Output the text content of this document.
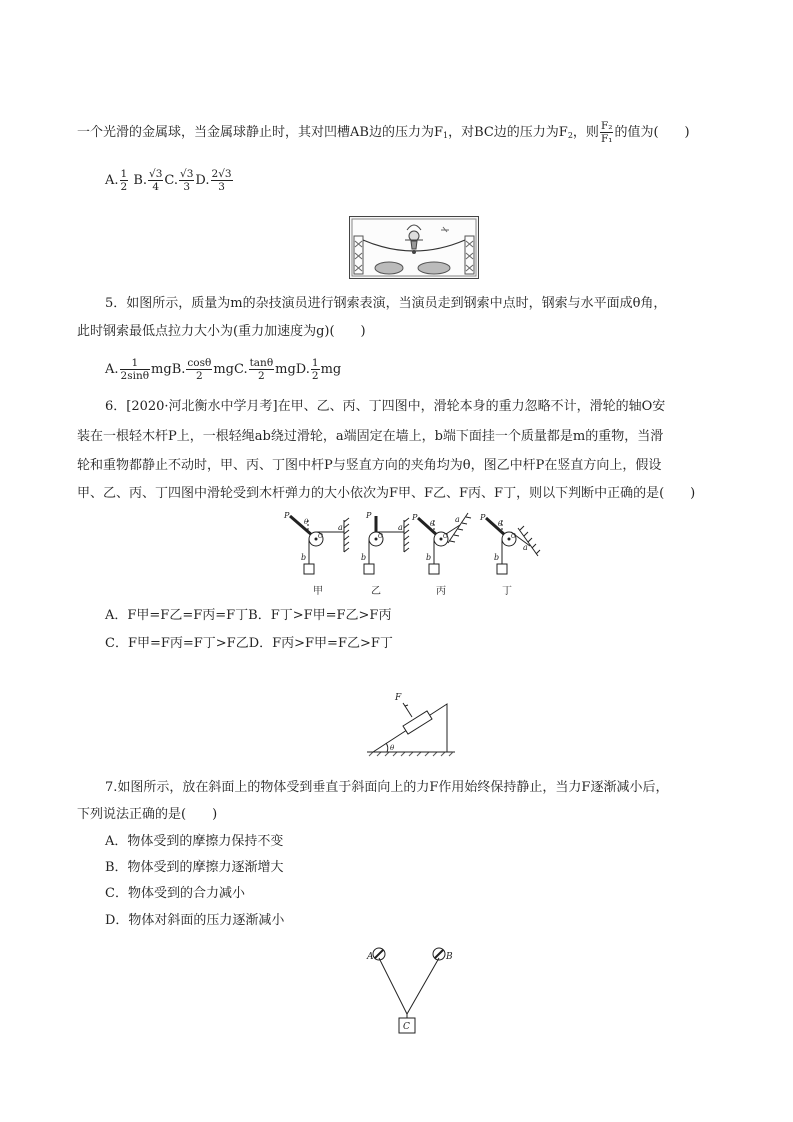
一个光滑的金属球，当金属球静止时，其对凹槽AB边的压力为$F_1$，对BC边的压力为$F_2$，则 $\frac{\text{F₂}}{\text{F₁}}$ 的值为(　　)
A. $\frac{1}{2} B$. $\frac{√3}{4} C$. $\frac{√3}{3} D$. $\frac{2√3}{3}$
5．如图所示，质量为m的杂技演员进行钢索表演，当演员走到钢索中点时，钢索与水平面成θ角，
此时钢索最低点拉力大小为(重力加速度为g)(　　)
A. $\frac{1}{2\sin\theta}$ mgB. $\frac{\cos\theta}{2}$ mgC. $\frac{\tan\theta}{2}$ mgD. $\frac{1}{2}$ mg
6．[2020·河北衡水中学月考]在甲、乙、丙、丁四图中，滑轮本身的重力忽略不计，滑轮的轴O安
装在一根轻木杆P上，一根轻绳ab绕过滑轮，a端固定在墙上，b端下面挂一个质量都是m的重物，当滑
轮和重物都静止不动时，甲、丙、丁图中杆P与竖直方向的夹角均为θ，图乙中杆P在竖直方向上，假设
甲、乙、丙、丁四图中滑轮受到木杆弹力的大小依次为F甲、F乙、F丙、F丁，则以下判断中正确的是(　　)
P
θ
O
a
b
甲
P
O
a
b
乙
P
θ
O
a
b
丙
P
θ
O
a
b
丁
A．F甲=F乙=F丙=F丁B．F丁>F甲=F乙>F丙
C．F甲=F丙=F丁>F乙D．F丙>F甲=F乙>F丁
F
θ
7.如图所示，放在斜面上的物体受到垂直于斜面向上的力F作用始终保持静止，当力F逐渐减小后，
下列说法正确的是(　　)
A．物体受到的摩擦力保持不变
B．物体受到的摩擦力逐渐增大
C．物体受到的合力减小
D．物体对斜面的压力逐渐减小
A	B
C
